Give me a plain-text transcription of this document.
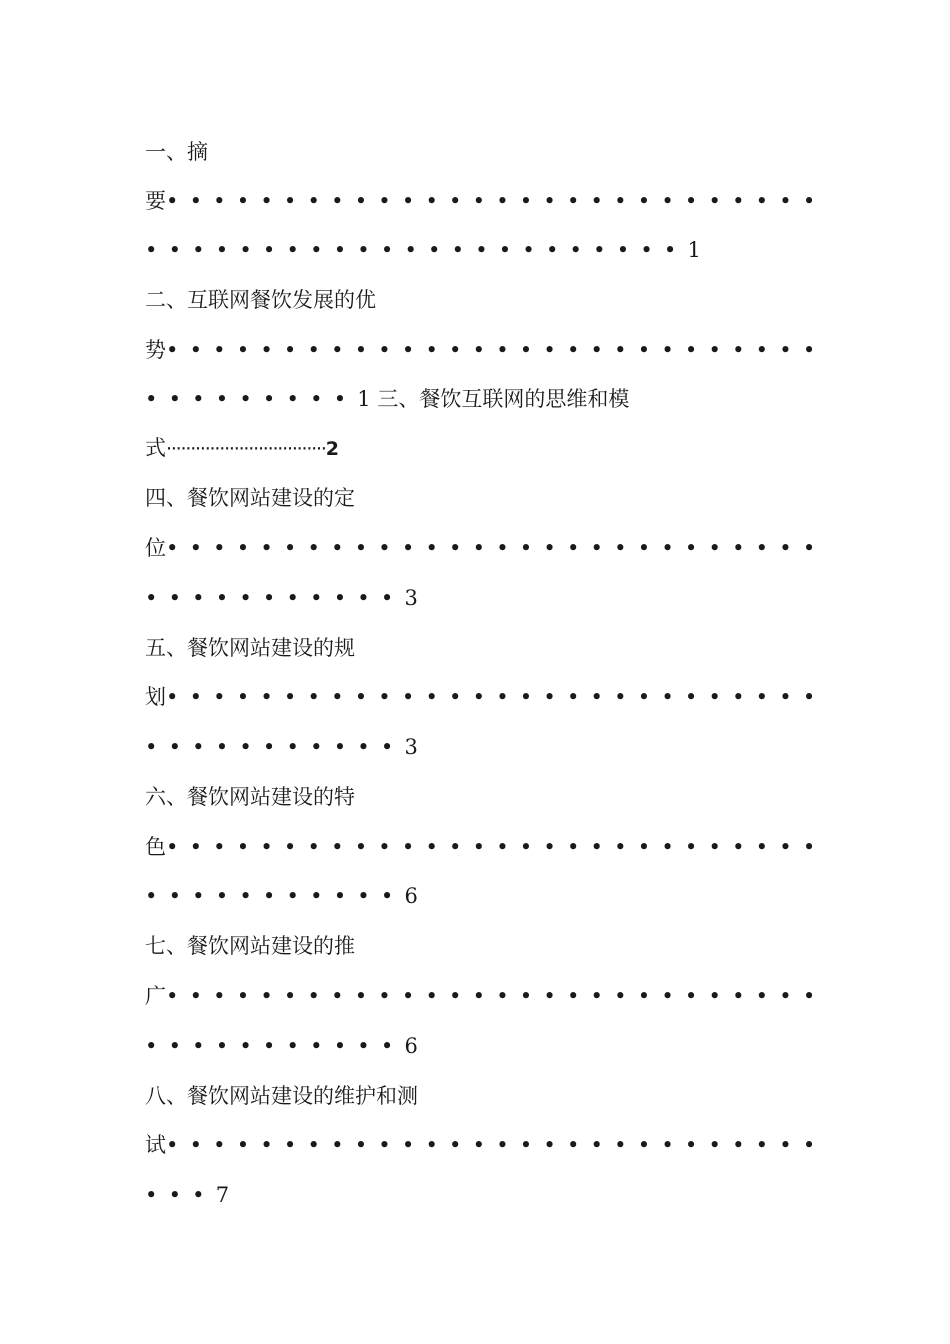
一、摘
要••••••••••••••••••••••••••••
•••••••••••••••••••••••1
二、互联网餐饮发展的优
势••••••••••••••••••••••••••••
•••••••••1 三、餐饮互联网的思维和模
式·································2
四、餐饮网站建设的定
位••••••••••••••••••••••••••••
•••••••••••3
五、餐饮网站建设的规
划••••••••••••••••••••••••••••
•••••••••••3
六、餐饮网站建设的特
色••••••••••••••••••••••••••••
•••••••••••6
七、餐饮网站建设的推
广••••••••••••••••••••••••••••
•••••••••••6
八、餐饮网站建设的维护和测
试••••••••••••••••••••••••••••
•••7
